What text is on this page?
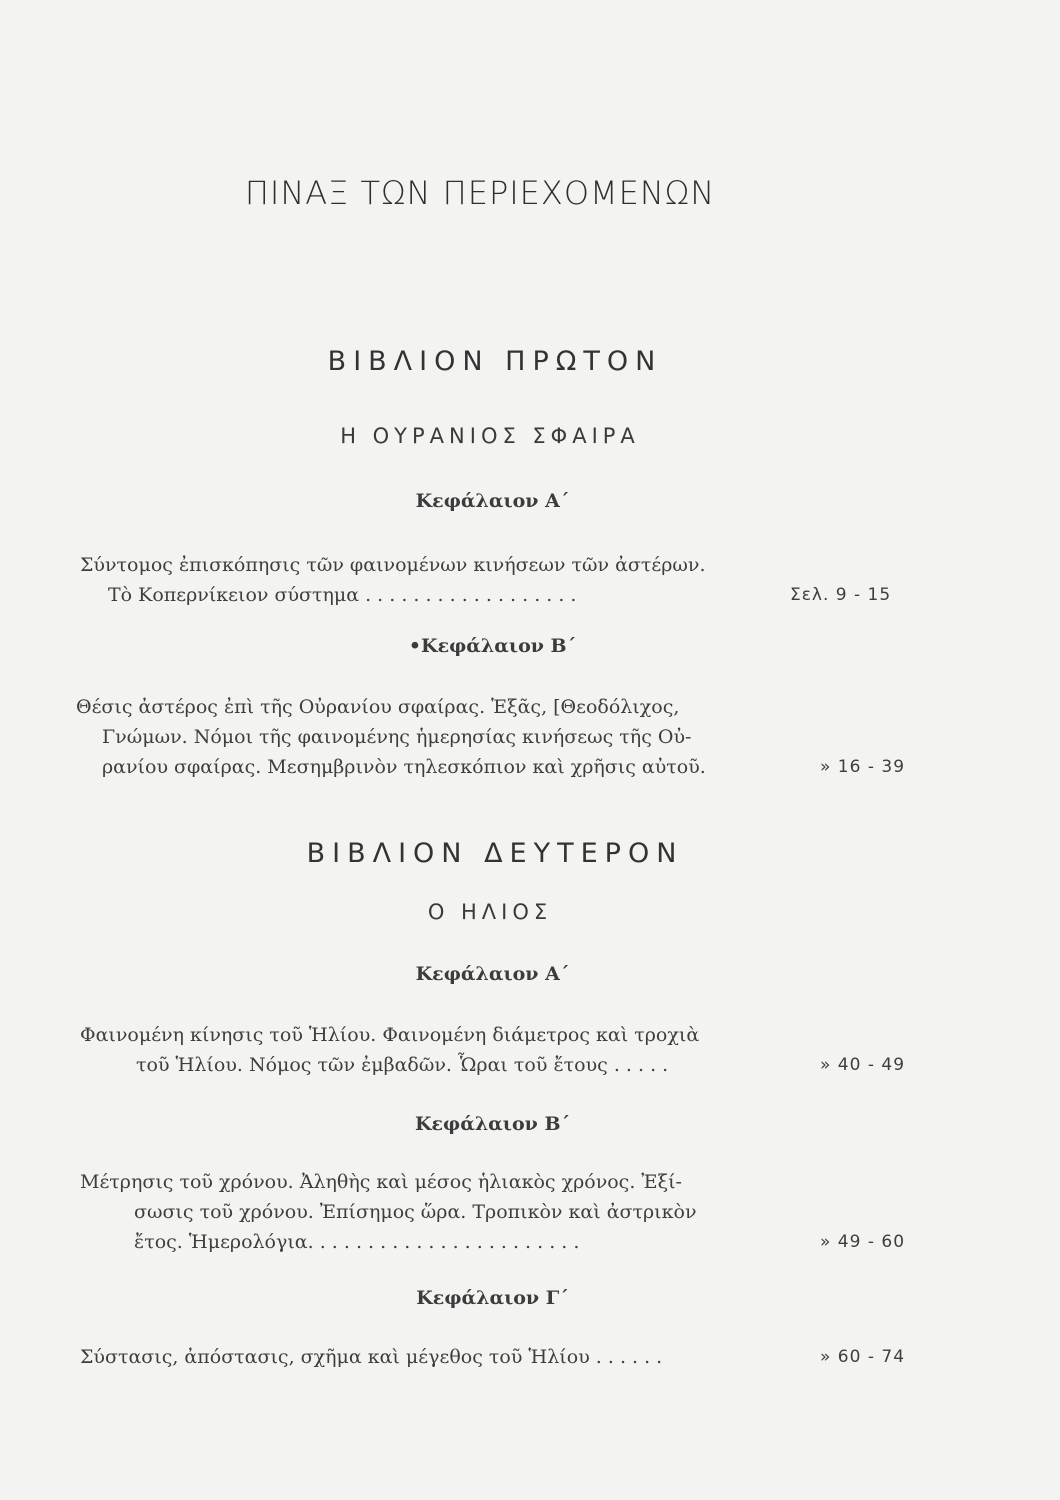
ΠΙΝΑΞ ΤΩΝ ΠΕΡΙΕΧΟΜΕΝΩΝ
ΒΙΒΛΙΟΝ ΠΡΩΤΟΝ
Η ΟΥΡΑΝΙΟΣ ΣΦΑΙΡΑ
Κεφάλαιον Α΄
Σύντομος ἐπισκόπησις τῶν φαινομένων κινήσεων τῶν ἀστέρων.
Τὸ Κοπερνίκειον σύστημα . . . . . . . . . . . . . . . . . .	Σελ. 9 - 15
•Κεφάλαιον Β΄
Θέσις ἀστέρος ἐπὶ τῆς Οὐρανίου σφαίρας. Ἑξᾶς, [Θεοδόλιχος,
Γνώμων. Νόμοι τῆς φαινομένης ἡμερησίας κινήσεως τῆς Οὐ-
ρανίου σφαίρας. Μεσημβρινὸν τηλεσκόπιον καὶ χρῆσις αὐτοῦ.	» 16 - 39
ΒΙΒΛΙΟΝ ΔΕΥΤΕΡΟΝ
Ο ΗΛΙΟΣ
Κεφάλαιον Α΄
Φαινομένη κίνησις τοῦ Ἡλίου. Φαινομένη διάμετρος καὶ τροχιὰ
τοῦ Ἡλίου. Νόμος τῶν ἐμβαδῶν. Ὧραι τοῦ ἔτους . . . . .	» 40 - 49
Κεφάλαιον Β΄
Μέτρησις τοῦ χρόνου. Ἀληθὴς καὶ μέσος ἡλιακὸς χρόνος. Ἐξί-
σωσις τοῦ χρόνου. Ἐπίσημος ὥρα. Τροπικὸν καὶ ἀστρικὸν
ἔτος. Ἡμερολόγια. . . . . . . . . . . . . . . . . . . . . . .	» 49 - 60
Κεφάλαιον Γ΄
Σύστασις, ἀπόστασις, σχῆμα καὶ μέγεθος τοῦ Ἡλίου . . . . . .	» 60 - 74
